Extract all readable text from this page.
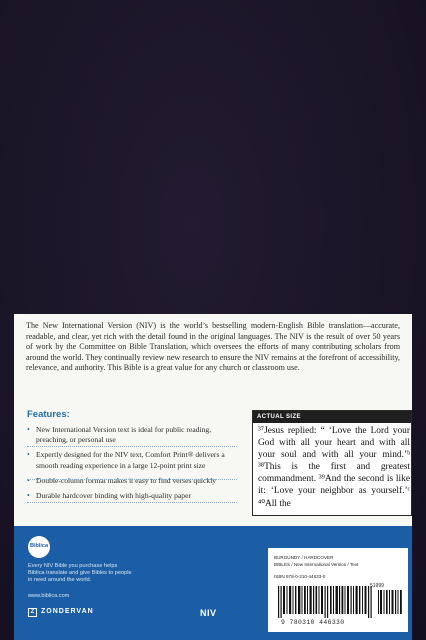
The New International Version (NIV) is the world’s bestselling modern-English Bible translation—accurate, readable, and clear, yet rich with the detail found in the original languages. The NIV is the result of over 50 years of work by the Committee on Bible Translation, which oversees the efforts of many contributing scholars from around the world. They continually review new research to ensure the NIV remains at the forefront of accessibility, relevance, and authority. This Bible is a great value for any church or classroom use.

Features:
• New International Version text is ideal for public reading, preaching, or personal use
• Expertly designed for the NIV text, Comfort Print® delivers a smooth reading experience in a large 12-point print size
• Double-column format makes it easy to find verses quickly
• Durable hardcover binding with high-quality paper
ACTUAL SIZE

³⁷Jesus replied: “ ‘Love the Lord your God with all your heart and with all your soul and with all your mind.’ᵇ ³⁸This is the first and greatest commandment. ³⁹And the second is like it: ‘Love your neighbor as yourself.’ᶜ ⁴⁰All the

Biblica

Every NIV Bible you purchase helps Biblica translate and give Bibles to people in need around the world.

www.biblica.com
Z ZONDERVAN	NIV

BURGUNDY / HARDCOVER

BIBLES / New International Version / Text

ISBN 978-0-310-44633-0

51999
9 780310 446330
